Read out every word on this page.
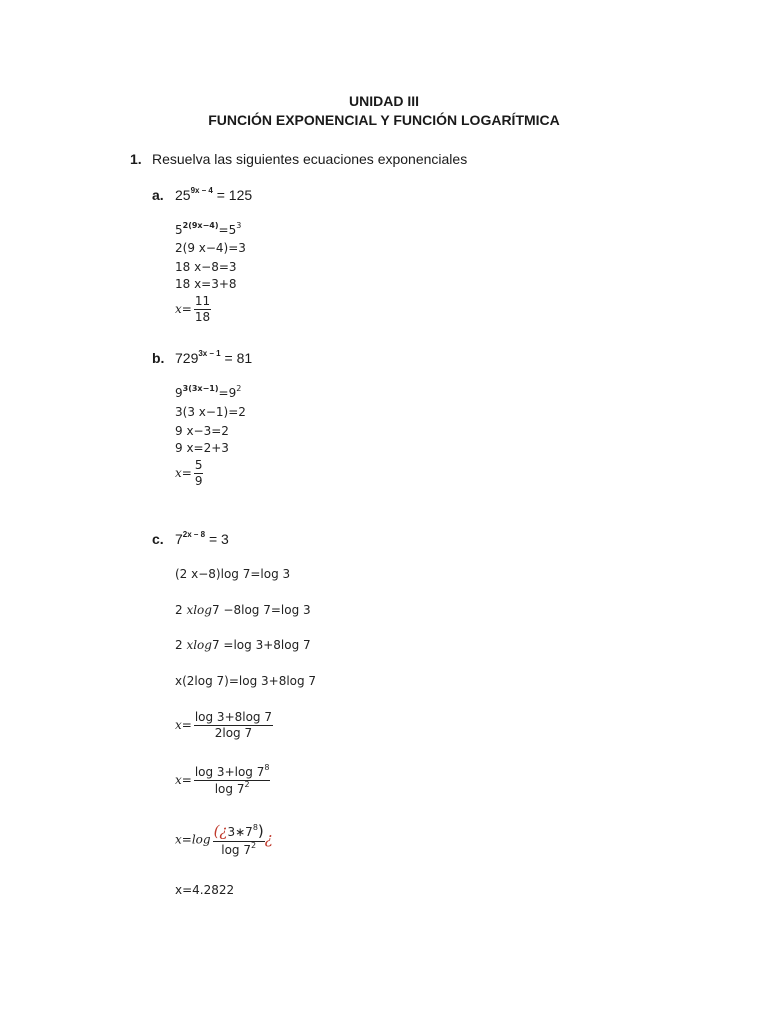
UNIDAD III
FUNCIÓN EXPONENCIAL Y FUNCIÓN LOGARÍTMICA
1. Resuelva las siguientes ecuaciones exponenciales
a. $25^{9x - 4} = 125$
$5^{2(9x-4)}=5^3$
2(9 x−4)=3
18 x−8=3
18 x=3+8
$x= \frac{11}{18}$
b. $729^{3x - 1} = 81$
$9^{3(3x-1)}=9^2$
3(3 x−1)=2
9 x−3=2
9 x=2+3
$x= \frac{5}{9}$
c. $7^{2x - 8} = 3$
(2 x−8)log 7=log 3
2 xlog7 −8log 7=log 3
2 xlog7 =log 3+8log 7
x(2log 7)=log 3+8log 7
$x= \frac{\log 3+8\log 7}{2\log 7}$
$x= \frac{\log 3+\log 7^8}{\log 7^2}$
$x=\log \frac{(¿3∗7^8)}{\log 7^2}$ ¿
x=4.2822
